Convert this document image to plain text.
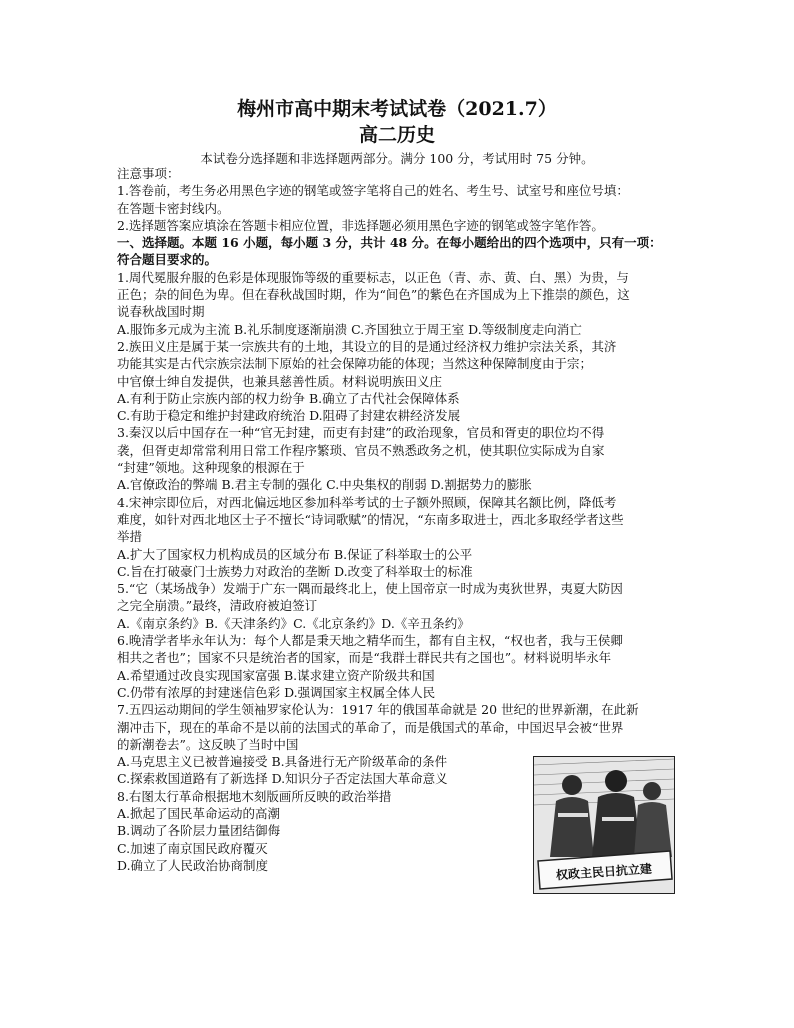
梅州市高中期末考试试卷（2021.7）
高二历史
本试卷分选择题和非选择题两部分。满分 100 分，考试用时 75 分钟。
注意事项：
1.答卷前，考生务必用黑色字迹的钢笔或签字笔将自己的姓名、考生号、试室号和座位号填：
在答题卡密封线内。
2.选择题答案应填涂在答题卡相应位置，非选择题必须用黑色字迹的钢笔或签字笔作答。
一、选择题。本题 16 小题，每小题 3 分，共计 48 分。在每小题给出的四个选项中，只有一项：
符合题目要求的。
1.周代冕服弁服的色彩是体现服饰等级的重要标志，以正色（青、赤、黄、白、黑）为贵，与
正色；杂的间色为卑。但在春秋战国时期，作为“间色”的紫色在齐国成为上下推崇的颜色，这
说春秋战国时期
A.服饰多元成为主流 B.礼乐制度逐渐崩溃 C.齐国独立于周王室 D.等级制度走向消亡
2.族田义庄是属于某一宗族共有的土地，其设立的目的是通过经济权力维护宗法关系，其济
功能其实是古代宗族宗法制下原始的社会保障功能的体现；当然这种保障制度由于宗；
中官僚士绅自发提供，也兼具慈善性质。材料说明族田义庄
A.有利于防止宗族内部的权力纷争 B.确立了古代社会保障体系
C.有助于稳定和维护封建政府统治 D.阻碍了封建农耕经济发展
3.秦汉以后中国存在一种“官无封建，而吏有封建”的政治现象，官员和胥吏的职位均不得
袭，但胥吏却常常利用日常工作程序繁琐、官员不熟悉政务之机，使其职位实际成为自家
“封建”领地。这种现象的根源在于
A.官僚政治的弊端 B.君主专制的强化 C.中央集权的削弱 D.割据势力的膨胀
4.宋神宗即位后，对西北偏远地区参加科举考试的士子额外照顾，保障其名额比例，降低考
难度，如针对西北地区士子不擅长“诗词歌赋”的情况，“东南多取进士，西北多取经学者这些
举措
A.扩大了国家权力机构成员的区域分布 B.保证了科举取士的公平
C.旨在打破豪门士族势力对政治的垄断 D.改变了科举取士的标准
5.“它（某场战争）发端于广东一隅而最终北上，使上国帝京一时成为夷狄世界，夷夏大防因
之完全崩溃。”最终，清政府被迫签订
A.《南京条约》B.《天津条约》C.《北京条约》D.《辛丑条约》
6.晚清学者毕永年认为：每个人都是秉天地之精华而生，都有自主权，“权也者，我与王侯卿
相共之者也”；国家不只是统治者的国家，而是“我群士群民共有之国也”。材料说明毕永年
A.希望通过改良实现国家富强 B.谋求建立资产阶级共和国
C.仍带有浓厚的封建迷信色彩 D.强调国家主权属全体人民
7.五四运动期间的学生领袖罗家伦认为：1917 年的俄国革命就是 20 世纪的世界新潮，在此新
潮冲击下，现在的革命不是以前的法国式的革命了，而是俄国式的革命，中国迟早会被“世界
的新潮卷去”。这反映了当时中国
A.马克思主义已被普遍接受 B.具备进行无产阶级革命的条件
C.探索救国道路有了新选择 D.知识分子否定法国大革命意义
8.右图太行革命根据地木刻版画所反映的政治举措
A.掀起了国民革命运动的高潮
B.调动了各阶层力量团结御侮
C.加速了南京国民政府覆灭
D.确立了人民政治协商制度	权政主民日抗立建
